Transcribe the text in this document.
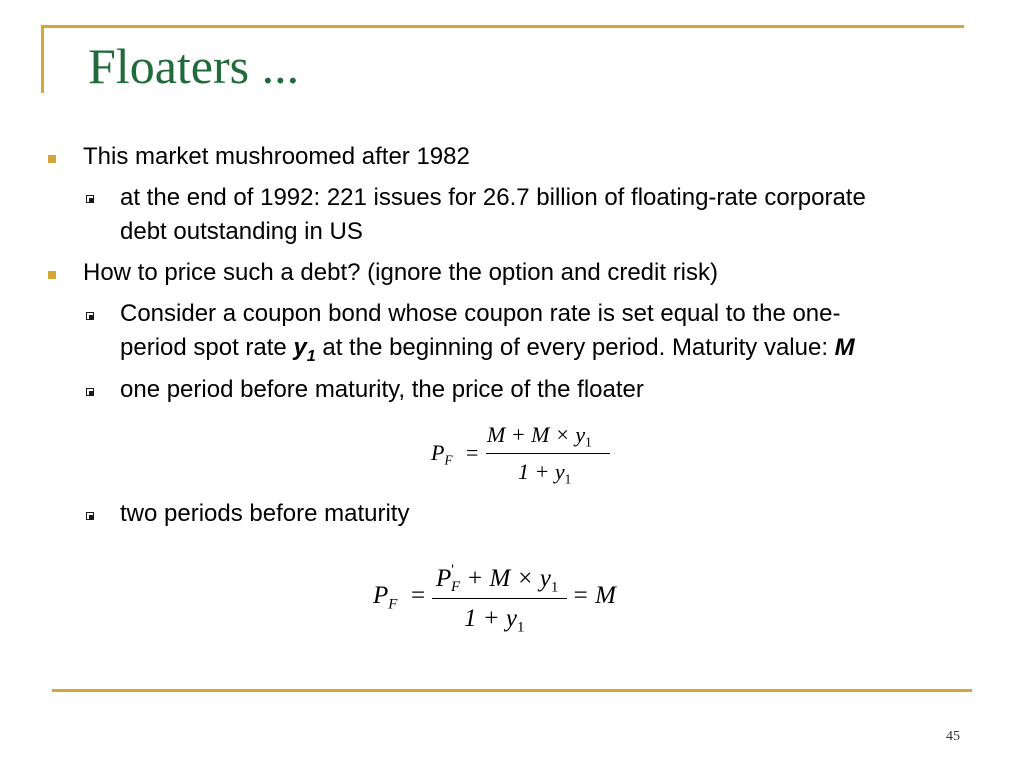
Floaters ...
This market mushroomed after 1982
at the end of 1992: 221 issues for 26.7 billion of floating-rate corporate
debt outstanding in US
How to price such a debt? (ignore the option and credit risk)
Consider a coupon bond whose coupon rate is set equal to the one-
period spot rate $y_1$ at the beginning of every period. Maturity value: M
one period before maturity, the price of the floater
$P_F$ =
$M + M \times y_1$
$1 + y_1$
two periods before maturity
$P_F$ =
$P'_F + M \times y_1$
$1 + y_1$
= M
45
